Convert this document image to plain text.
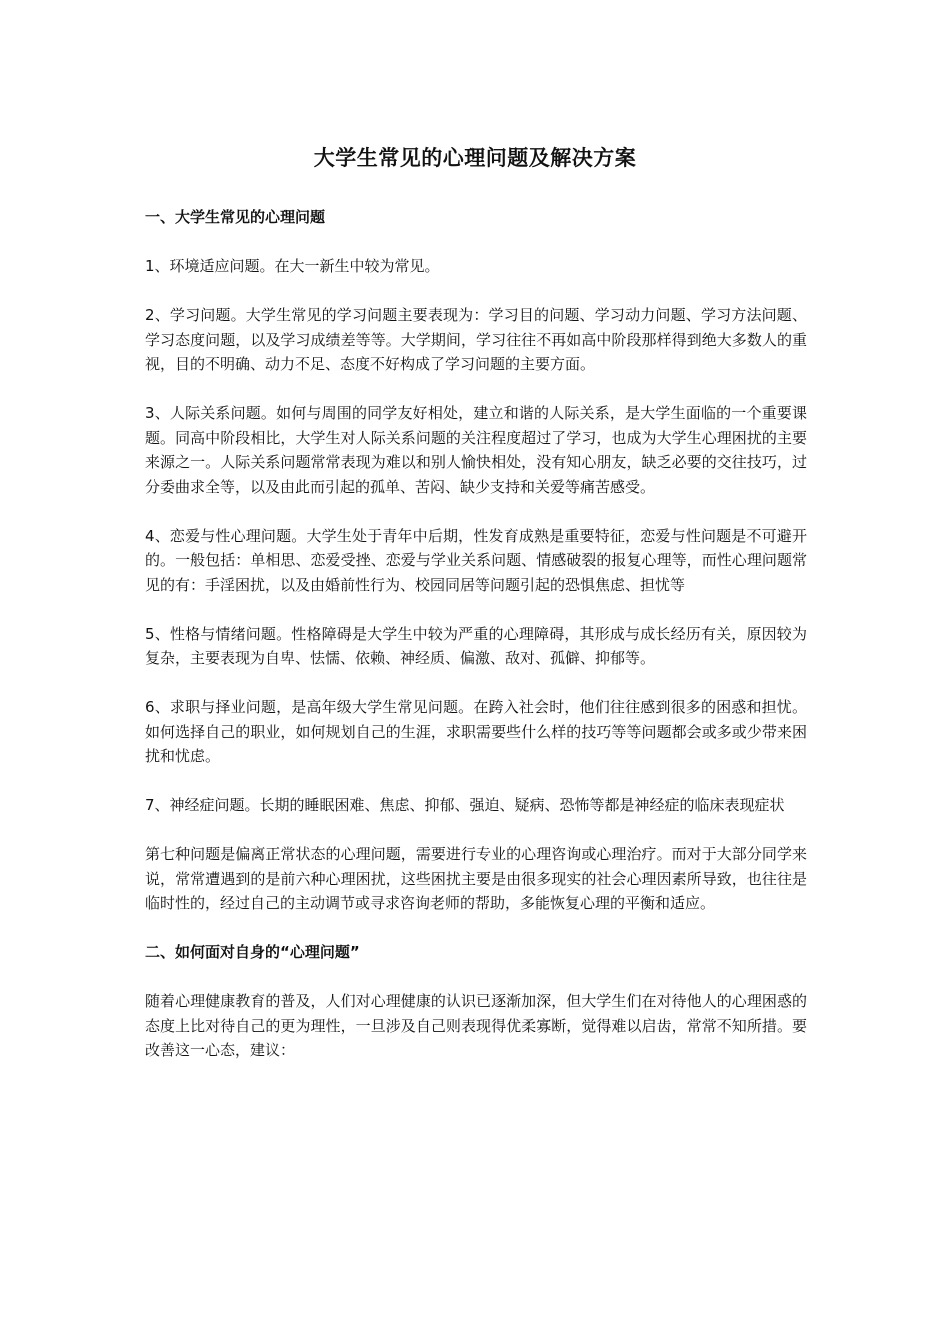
大学生常见的心理问题及解决方案

一、大学生常见的心理问题

1、环境适应问题。在大一新生中较为常见。

2、学习问题。大学生常见的学习问题主要表现为：学习目的问题、学习动力问题、学习方法问题、学习态度问题，以及学习成绩差等等。大学期间，学习往往不再如高中阶段那样得到绝大多数人的重视，目的不明确、动力不足、态度不好构成了学习问题的主要方面。

3、人际关系问题。如何与周围的同学友好相处，建立和谐的人际关系，是大学生面临的一个重要课题。同高中阶段相比，大学生对人际关系问题的关注程度超过了学习，也成为大学生心理困扰的主要来源之一。人际关系问题常常表现为难以和别人愉快相处，没有知心朋友，缺乏必要的交往技巧，过分委曲求全等，以及由此而引起的孤单、苦闷、缺少支持和关爱等痛苦感受。

4、恋爱与性心理问题。大学生处于青年中后期，性发育成熟是重要特征，恋爱与性问题是不可避开的。一般包括：单相思、恋爱受挫、恋爱与学业关系问题、情感破裂的报复心理等，而性心理问题常见的有：手淫困扰，以及由婚前性行为、校园同居等问题引起的恐惧焦虑、担忧等

5、性格与情绪问题。性格障碍是大学生中较为严重的心理障碍，其形成与成长经历有关，原因较为复杂，主要表现为自卑、怯懦、依赖、神经质、偏激、敌对、孤僻、抑郁等。

6、求职与择业问题，是高年级大学生常见问题。在跨入社会时，他们往往感到很多的困惑和担忧。如何选择自己的职业，如何规划自己的生涯，求职需要些什么样的技巧等等问题都会或多或少带来困扰和忧虑。

7、神经症问题。长期的睡眠困难、焦虑、抑郁、强迫、疑病、恐怖等都是神经症的临床表现症状

第七种问题是偏离正常状态的心理问题，需要进行专业的心理咨询或心理治疗。而对于大部分同学来说，常常遭遇到的是前六种心理困扰，这些困扰主要是由很多现实的社会心理因素所导致，也往往是临时性的，经过自己的主动调节或寻求咨询老师的帮助，多能恢复心理的平衡和适应。

二、如何面对自身的“心理问题”

随着心理健康教育的普及，人们对心理健康的认识已逐渐加深，但大学生们在对待他人的心理困惑的态度上比对待自己的更为理性，一旦涉及自己则表现得优柔寡断，觉得难以启齿，常常不知所措。要改善这一心态，建议：
